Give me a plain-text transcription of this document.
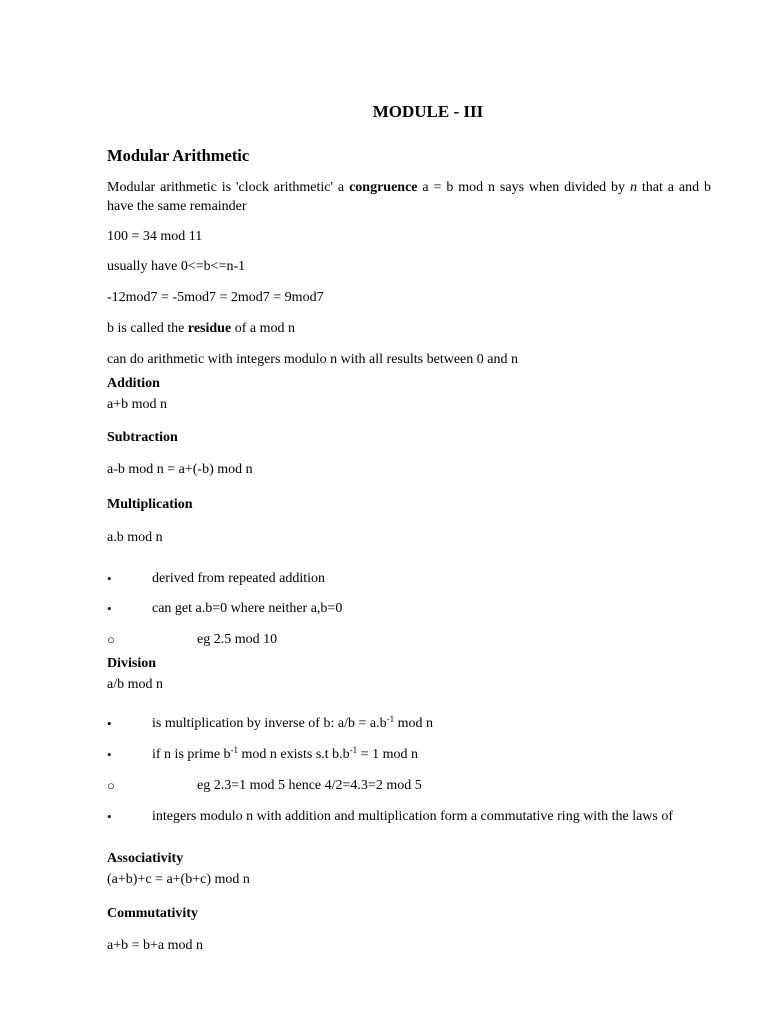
MODULE - III
Modular Arithmetic
Modular arithmetic is 'clock arithmetic' a congruence a = b mod n says when divided by n that a and b have the same remainder
100 = 34 mod 11
usually have 0<=b<=n-1
-12mod7 = -5mod7 = 2mod7 = 9mod7
b is called the residue of a mod n
can do arithmetic with integers modulo n with all results between 0 and n
Addition
a+b mod n
Subtraction
a-b mod n = a+(-b) mod n
Multiplication
a.b mod n
•	derived from repeated addition
•	can get a.b=0 where neither a,b=0
○	eg 2.5 mod 10
Division
a/b mod n
•	is multiplication by inverse of b: $a/b = a.b^{-1}$ mod n
•	if n is prime $b^{-1}$ mod n exists s.t $b.b^{-1} = 1$ mod n
○	eg 2.3=1 mod 5 hence 4/2=4.3=2 mod 5
•	integers modulo n with addition and multiplication form a commutative ring with the laws of
Associativity
(a+b)+c = a+(b+c) mod n
Commutativity
a+b = b+a mod n
